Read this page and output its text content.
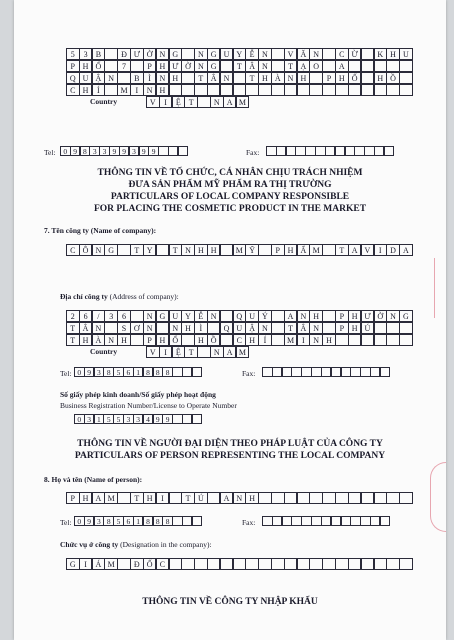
5	3	B	Đ Ư Ờ N G	N G U Y Ễ N	V Ă N	C Ừ	K H U
P H Ố	7	P H Ư Ờ N G	T Â N	T Ạ O	A
Q U Ậ N	B	Ì	N H	T Â N	T H À N H	P H Ố	H Ồ
C H	Í	M I	N H
Country	V	I	Ệ T	N A M
Tel:	0 9 8 3 3 9 9 3 9 9	Fax:
THÔNG TIN VỀ TỔ CHỨC, CÁ NHÂN CHỊU TRÁCH NHIỆM
ĐƯA SẢN PHẨM MỸ PHẨM RA THỊ TRƯỜNG
PARTICULARS OF LOCAL COMPANY RESPONSIBLE
FOR PLACING THE COSMETIC PRODUCT IN THE MARKET
7. Tên công ty (Name of company):
C Ô N G	T Y	T N H H	M Ỹ	P H Ẩ M	T A V	I	D A
Địa chỉ công ty (Address of company):
2	6	/	3	6	N G U Y Ễ N	Q U Ý	A N H	P H Ư Ờ N G
T Â N	S Ơ N	N H	Ì	Q U Ậ N	T Â N	P H Ú
T H À N H	P H Ố	H Ồ	C H	Í	M I	N H
Country	V	I	Ệ T	N A M
Tel: 0 9 3 8 5 6 1 8 8 8	Fax:
Số giấy phép kinh doanh/Số giấy phép hoạt động
Business Registration Number/License to Operate Number
0 3 1 5 5 3 3 4 9 9
THÔNG TIN VỀ NGƯỜI ĐẠI DIỆN THEO PHÁP LUẬT CỦA CÔNG TY
PARTICULARS OF PERSON REPRESENTING THE LOCAL COMPANY
8. Họ và tên (Name of person):
P H A M	T H	I	T Ú	A N H
Tel: 0 9 3 8 5 6 1 8 8 8	Fax:
Chức vụ ở công ty (Designation in the company):
G	I	Á M	Đ Ố C
THÔNG TIN VỀ CÔNG TY NHẬP KHẨU
